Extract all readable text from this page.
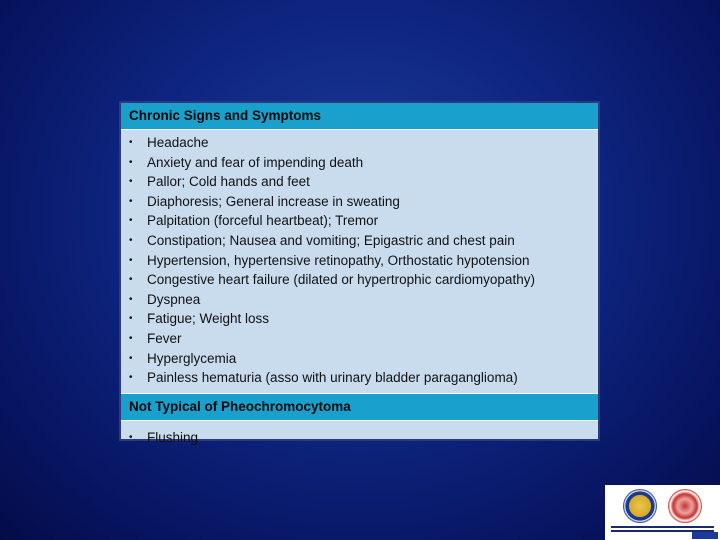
Chronic Signs and Symptoms
• Headache
• Anxiety and fear of impending death
• Pallor; Cold hands and feet
• Diaphoresis; General increase in sweating
• Palpitation (forceful heartbeat); Tremor
• Constipation; Nausea and vomiting; Epigastric and chest pain
• Hypertension, hypertensive retinopathy, Orthostatic hypotension
• Congestive heart failure (dilated or hypertrophic cardiomyopathy)
• Dyspnea
• Fatigue; Weight loss
• Fever
• Hyperglycemia
• Painless hematuria (asso with urinary bladder paraganglioma)
Not Typical of Pheochromocytoma
• Flushing
